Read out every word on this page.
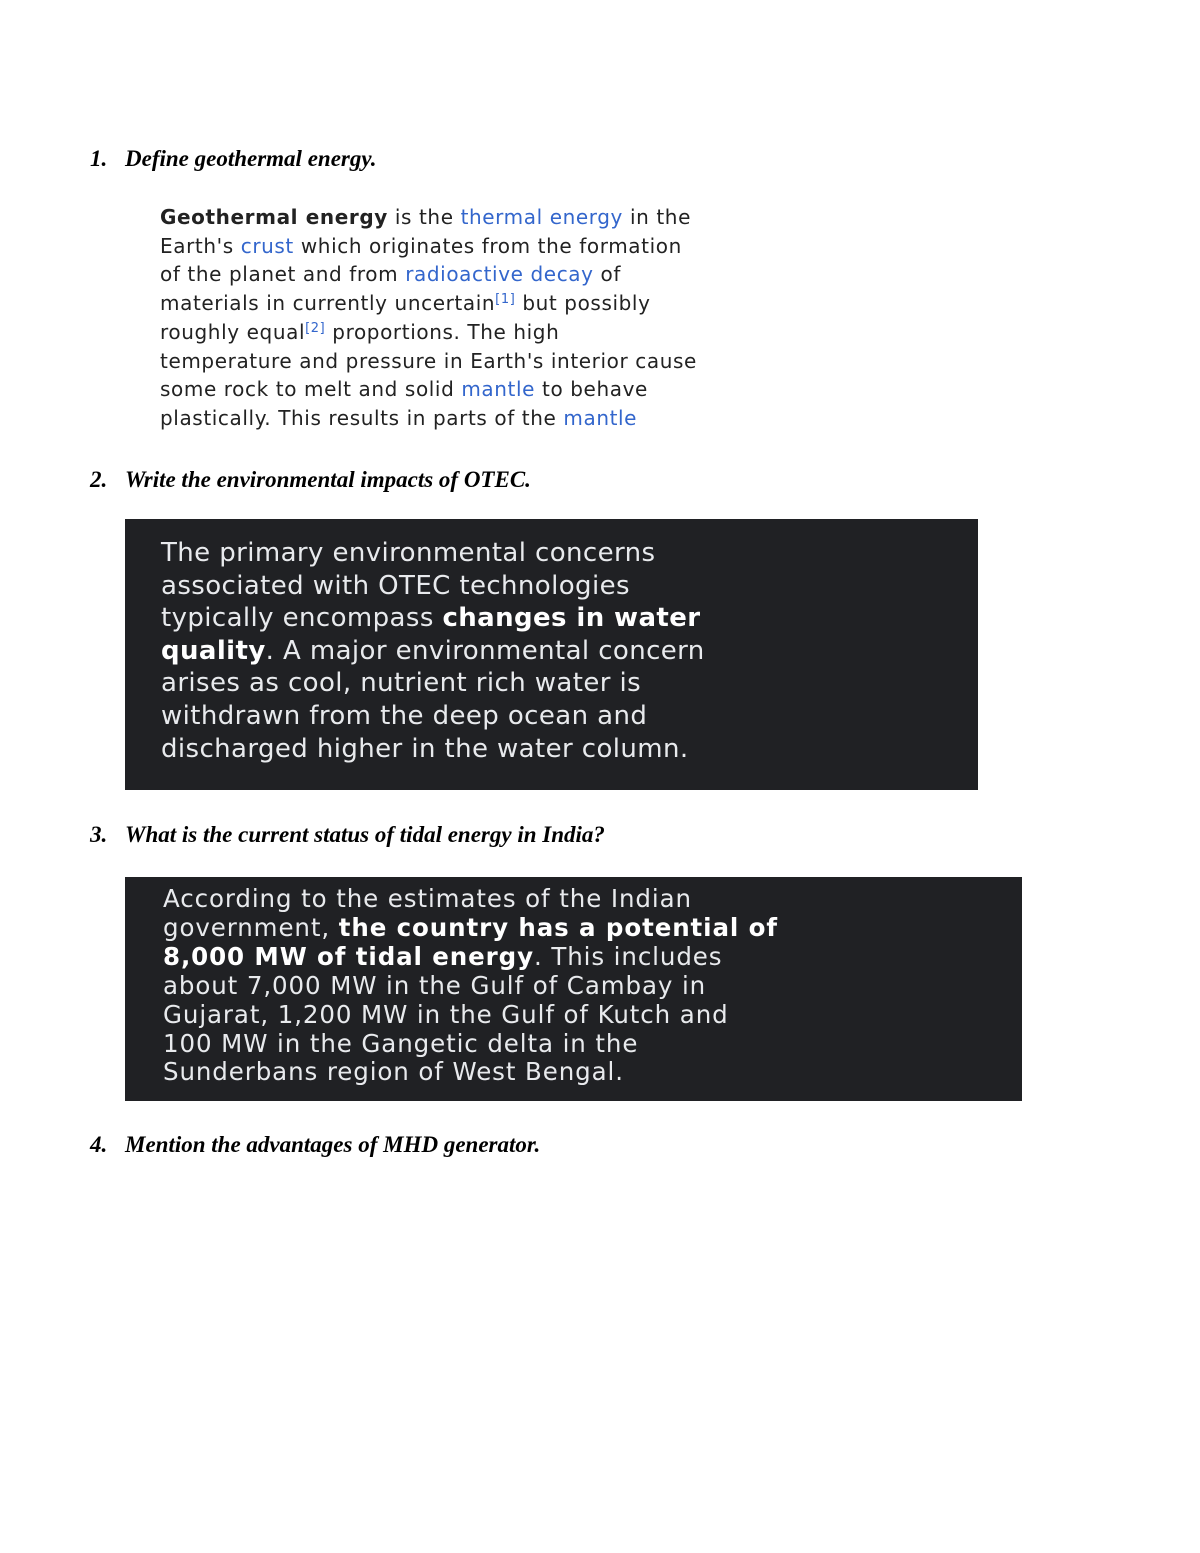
1. Define geothermal energy.
Geothermal energy is the thermal energy in the
Earth's crust which originates from the formation
of the planet and from radioactive decay of
materials in currently uncertain[1] but possibly
roughly equal[2] proportions. The high
temperature and pressure in Earth's interior cause
some rock to melt and solid mantle to behave
plastically. This results in parts of the mantle
2. Write the environmental impacts of OTEC.
The primary environmental concerns
associated with OTEC technologies
typically encompass changes in water
quality. A major environmental concern
arises as cool, nutrient rich water is
withdrawn from the deep ocean and
discharged higher in the water column.
3. What is the current status of tidal energy in India?
According to the estimates of the Indian
government, the country has a potential of
8,000 MW of tidal energy. This includes
about 7,000 MW in the Gulf of Cambay in
Gujarat, 1,200 MW in the Gulf of Kutch and
100 MW in the Gangetic delta in the
Sunderbans region of West Bengal.
4. Mention the advantages of MHD generator.
